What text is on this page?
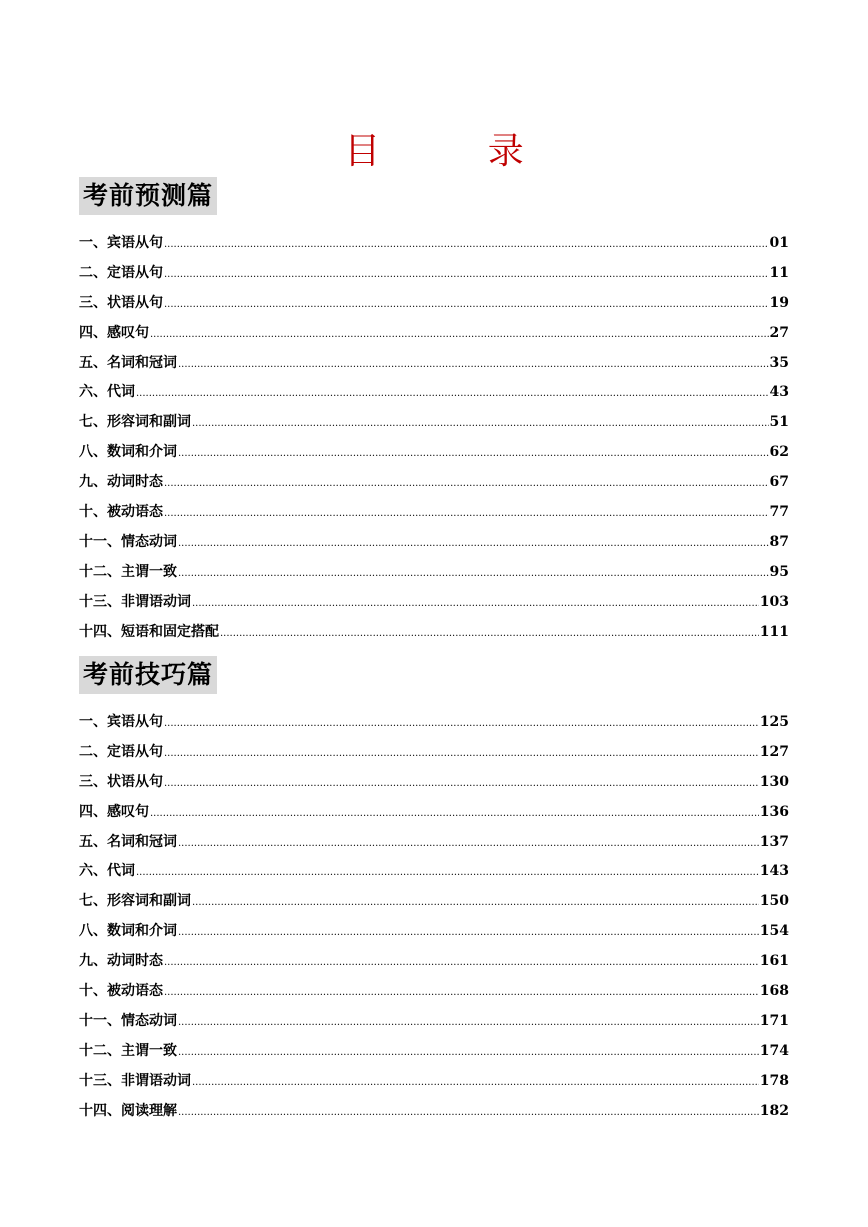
目 录
考前预测篇
一、宾语从句 .....	01
二、定语从句 .....	11
三、状语从句 .....	19
四、感叹句 .....	27
五、名词和冠词 .....	35
六、代词 .....	43
七、形容词和副词 .....	51
八、数词和介词 .....	62
九、动词时态 .....	67
十、被动语态 .....	77
十一、情态动词 .....	87
十二、主谓一致 .....	95
十三、非谓语动词 .....	103
十四、短语和固定搭配 .....	111
考前技巧篇
一、宾语从句 .....	125
二、定语从句 .....	127
三、状语从句 .....	130
四、感叹句 .....	136
五、名词和冠词 .....	137
六、代词 .....	143
七、形容词和副词 .....	150
八、数词和介词 .....	154
九、动词时态 .....	161
十、被动语态 .....	168
十一、情态动词 .....	171
十二、主谓一致 .....	174
十三、非谓语动词 .....	178
十四、阅读理解 .....	182
